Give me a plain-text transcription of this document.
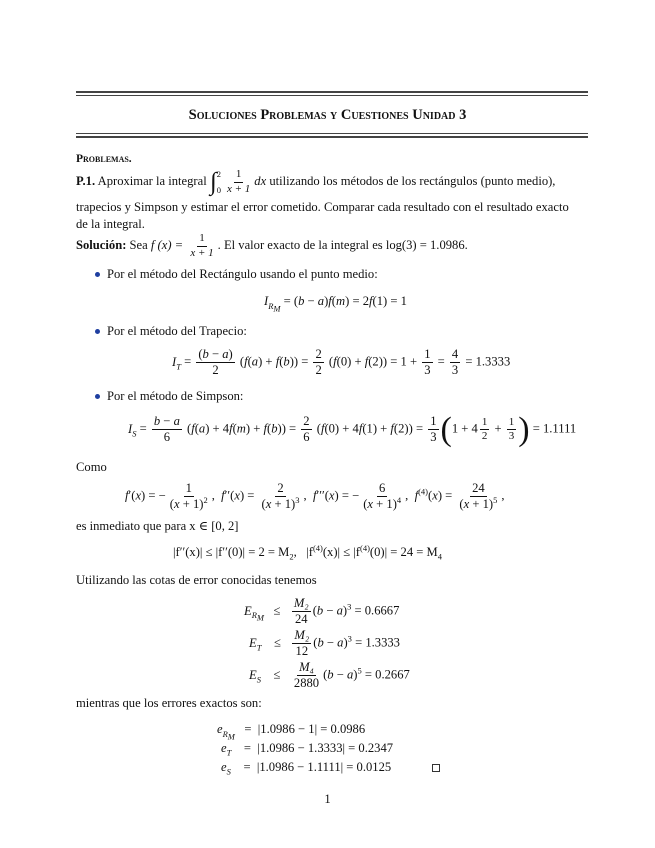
Soluciones Problemas y Cuestiones Unidad 3
Problemas.
P.1. Aproximar la integral ∫ 2
$0 \frac{1}{x + 1}$ dx utilizando los métodos de los rectángulos (punto medio),
trapecios y Simpson y estimar el error cometido. Comparar cada resultado con el resultado exacto
de la integral.
Solución: Sea f $(x) = \frac{1}{x + 1}$ . El valor exacto de la integral es log(3) = 1.0986.
Por el método del Rectángulo usando el punto medio:
$I_{R_M} = (b - a)f(m) = 2f(1) = 1$
Por el método del Trapecio:
$I_T = \frac{(b - a)}{2} (f(a) + f(b)) = \frac{2}{2} (f(0) + f(2)) = 1 + \frac{1}{3} = \frac{4}{3} = 1.3333$
Por el método de Simpson:
$I_S = \frac{b - a}{6} (f(a) + 4f(m) + f(b)) = \frac{2}{6} (f(0) + 4f(1) + f(2)) = \frac{1}{3} (1 + 4 \frac{1}{2} + \frac{1}{3}$ ) = 1.1111
Como
f′(x) = − $\frac{1}{(x + 1)^2}$ ,  $f''(x) = \frac{2}{(x + 1)^3}$ ,  f′′′(x) = − $\frac{6}{(x + 1)^4}$ ,  $f^{(4)}(x) = \frac{24}{(x + 1)^5}$ ,
es inmediato que para x ∈ [0, 2]
$|f''(x)| \le |f''(0)| = 2 = M_2$,   $|f^{(4)}(x)| \le |f^{(4)}(0)| = 24 = M_4$
Utilizando las cotas de error conocidas tenemos
$E_{R_M} \le \frac{\text{M₂}}{24} (b - a)^3 = 0.6667$
$E_T$    ≤ $\frac{\text{M₂}}{12} (b - a)^3 = 1.3333$
$E_S$    ≤ $\frac{\text{M₄}}{2880} (b - a)^5 = 0.2667$
mientras que los errores exactos son:
$e_{R_M} = |1.0986 - 1| = 0.0986$
$e_T$    =  |1.0986 − 1.3333| = 0.2347
$e_S$    =  |1.0986 − 1.1111| = 0.0125
1
